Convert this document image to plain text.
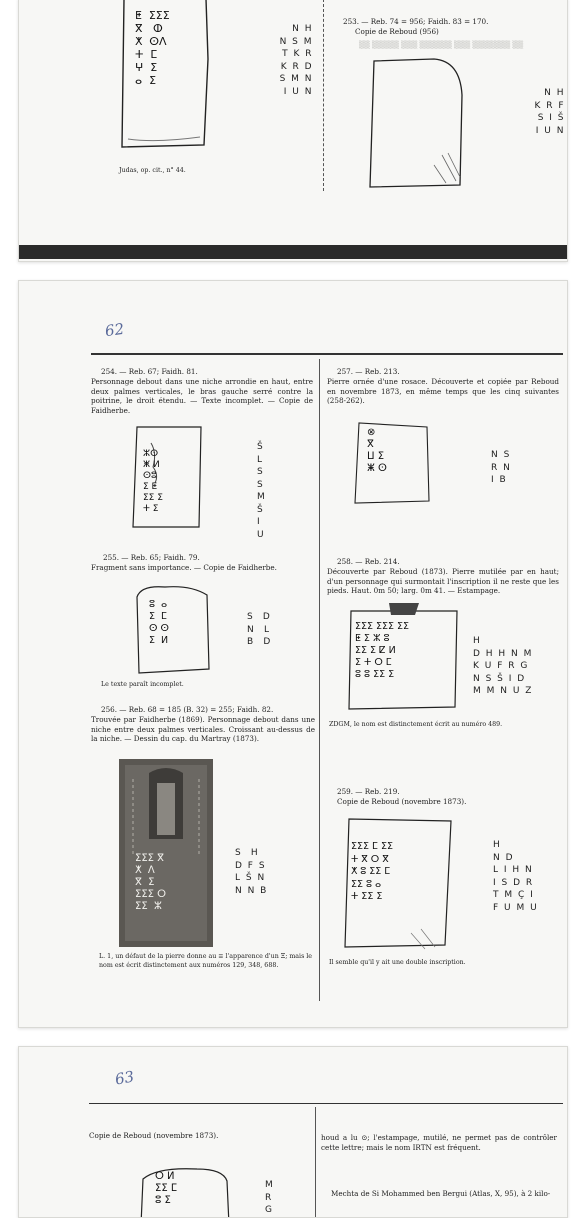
▒▒ ▒▒▒▒▒ ▒▒▒ ▒▒▒▒▒▒ ▒▒▒ ▒▒▒▒▒▒▒ ▒▒
ⵟ  ⵉⵉⵉ
ⴳ   ⵀ
ⵅ  ⵙⴷ
ⵜ  ⵎ
ⵖ  ⵉ
ⴰ  ⵉ
N H
N S M
T K R
K R D
S M N
I U N
Judas, op. cit., n° 44.
253. — Reb. 74 = 956; Faidh. 83 = 170.
Copie de Reboud (956)
N H
K R F
S I Š
I U N
62
254. — Reb. 67; Faidh. 81.
Personnage debout dans une niche arrondie en haut, entre deux palmes verticales, le bras gauche serré contre la poitrine, le droit étendu. — Texte incomplet. — Copie de Faidherbe.
ⵣⵙ
ⵥ ⵍ
ⵙⵓ
ⵉ ⵟ
ⵉⵉ ⵉ
ⵜ ⵉ
Š
L
S
S
M
Š
I
U
255. — Reb. 65; Faidh. 79.
Fragment sans importance. — Copie de Faidherbe.
ⵓ  ⴰ
ⵉ  ⵎ
ⵙ ⵙ
ⵉ  ⵍ
S  D
N  L
B  D
Le texte paraît incomplet.
256. — Reb. 68 = 185 (B. 32) = 255; Faidh. 82.
Trouvée par Faidherbe (1869). Personnage debout dans une niche entre deux palmes verticales. Croissant au-dessus de la niche. — Dessin du cap. du Martray (1873).
ⵉⵉⵉ ⴳ
ⵅ  ⴷ
ⴳ  ⵉ
ⵉⵉⵉ ⵔ
ⵉⵉ  ⵣ
S  H
D F S
L Š N
N N B
L. 1, un défaut de la pierre donne au ≡ l'apparence d'un Ξ; mais le nom est écrit distinctement aux numéros 129, 348, 688.
257. — Reb. 213.
Pierre ornée d'une rosace. Découverte et copiée par Reboud en novembre 1873, en même temps que les cinq suivantes (258-262).
⊗
ⴳ
ⵡ ⵉ
ⵥ ⵙ
N S
R N
I B
258. — Reb. 214.
Découverte par Reboud (1873). Pierre mutilée par en haut; d'un personnage qui surmontait l'inscription il ne reste que les pieds. Haut. 0m 50; larg. 0m 41. — Estampage.
ⵉⵉⵉ ⵉⵉⵉ ⵉⵉ
ⵟ ⵉ ⵣ ⵓ
ⵉⵉ ⵉ ⵇ ⵍ
ⵉ ⵜ ⵔ ⵎ
ⵓ ⵓ ⵉⵉ ⵉ
H
D H H N M
K U F R G
N S Š I D
M M N U Z
ZDGM, le nom est distinctement écrit au numéro 489.
259. — Reb. 219.
Copie de Reboud (novembre 1873).
ⵉⵉⵉ ⵎ ⵉⵉ
ⵜ ⴳ ⵔ ⴳ
ⵅ ⵓ ⵉⵉ ⵎ
ⵉⵉ ⵓ ⴰ
ⵜ ⵉⵉ ⵉ
H
N D
L I H N
I S D R
T M Ç I
F U M U
Il semble qu'il y ait une double inscription.
63
Copie de Reboud (novembre 1873).
ⵔ ⵍ
ⵉⵉ ⵎ
ⵓ ⵉ
M
R
G
houd a lu ⊙; l'estampage, mutilé, ne permet pas de contrôler cette lettre; mais le nom IRTN est fréquent.
Mechta de Si Mohammed ben Bergui (Atlas, X, 95), à 2 kilo-
